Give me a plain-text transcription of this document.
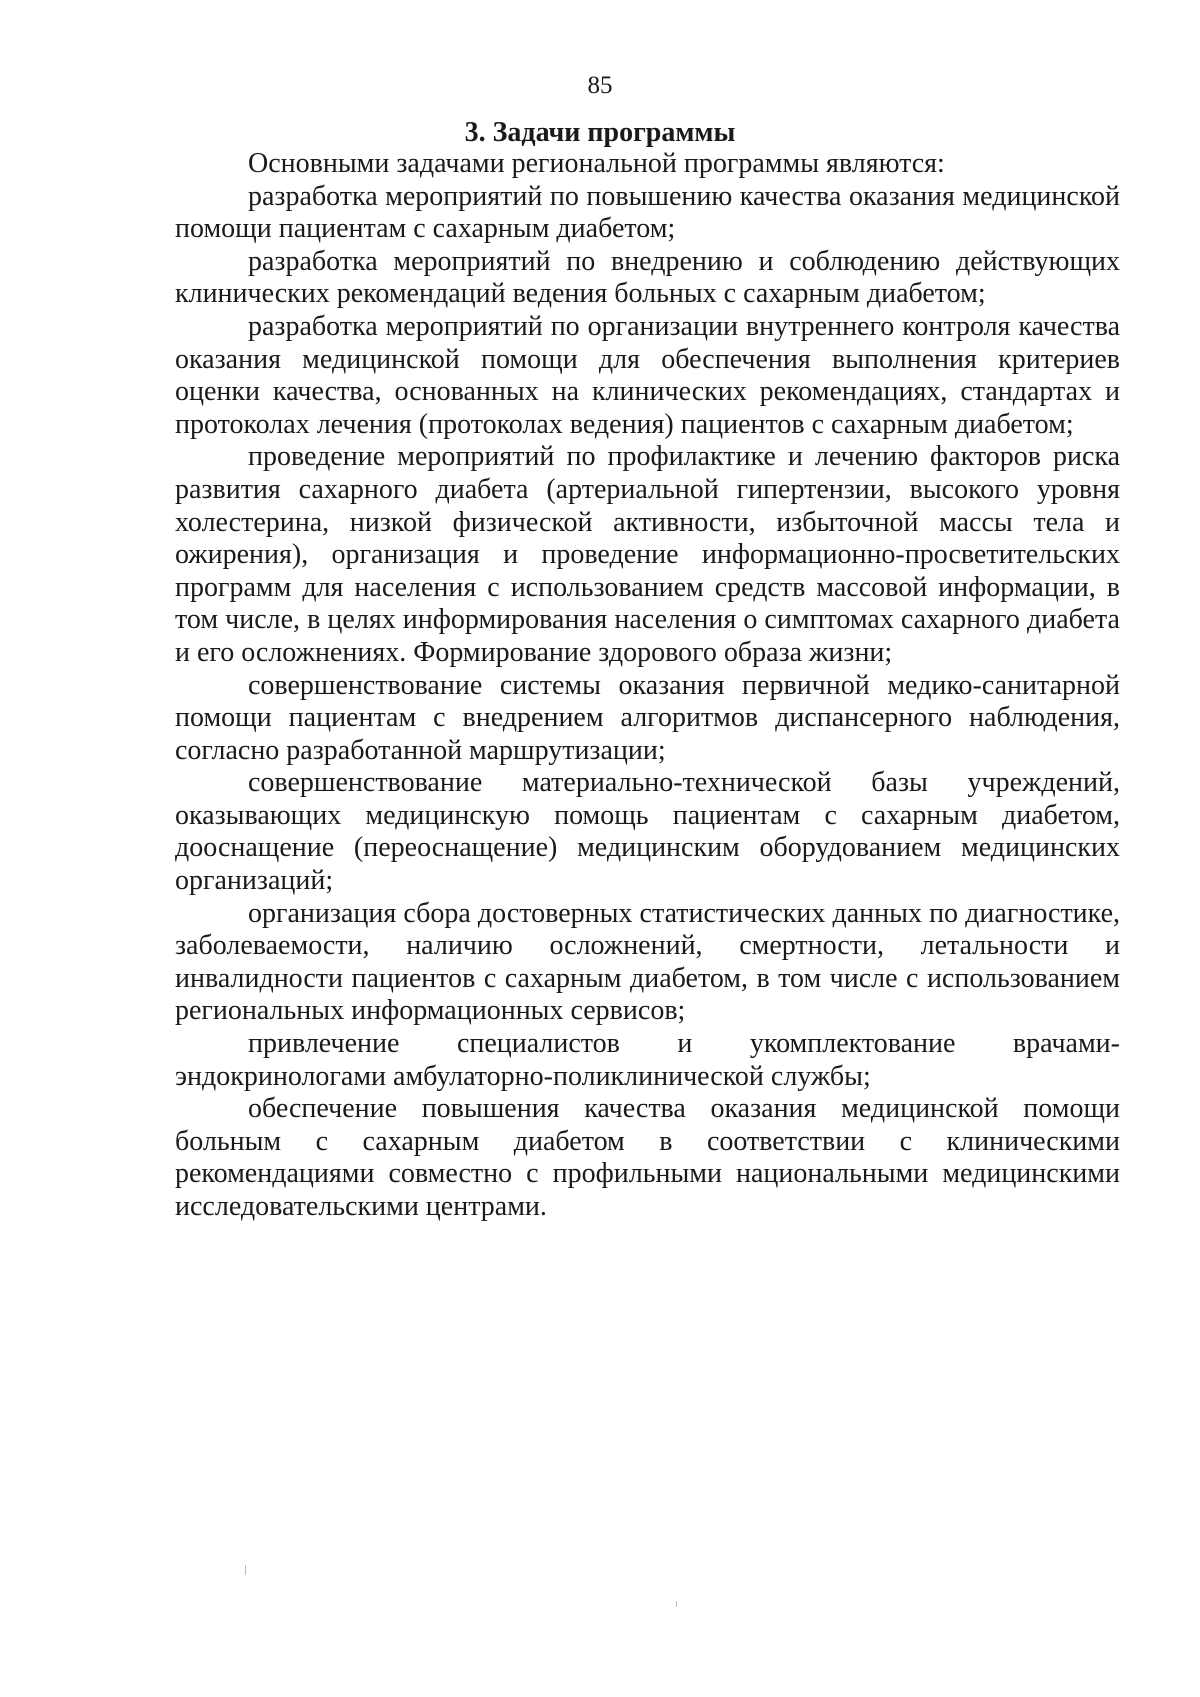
85
3. Задачи программы

Основными задачами региональной программы являются:

разработка мероприятий по повышению качества оказания медицинской помощи пациентам с сахарным диабетом;

разработка мероприятий по внедрению и соблюдению действующих клинических рекомендаций ведения больных с сахарным диабетом;

разработка мероприятий по организации внутреннего контроля качества оказания медицинской помощи для обеспечения выполнения критериев оценки качества, основанных на клинических рекомендациях, стандартах и протоколах лечения (протоколах ведения) пациентов с сахарным диабетом;

проведение мероприятий по профилактике и лечению факторов риска развития сахарного диабета (артериальной гипертензии, высокого уровня холестерина, низкой физической активности, избыточной массы тела и ожирения), организация и проведение информационно-просветительских программ для населения с использованием средств массовой информации, в том числе, в целях информирования населения о симптомах сахарного диабета и его осложнениях. Формирование здорового образа жизни;

совершенствование системы оказания первичной медико-санитарной помощи пациентам с внедрением алгоритмов диспансерного наблюдения, согласно разработанной маршрутизации;

совершенствование материально-технической базы учреждений, оказывающих медицинскую помощь пациентам с сахарным диабетом, дооснащение (переоснащение) медицинским оборудованием медицинских организаций;

организация сбора достоверных статистических данных по диагностике, заболеваемости, наличию осложнений, смертности, летальности и инвалидности пациентов с сахарным диабетом, в том числе с использованием региональных информационных сервисов;

привлечение специалистов и укомплектование врачами-эндокринологами амбулаторно-поликлинической службы;

обеспечение повышения качества оказания медицинской помощи больным с сахарным диабетом в соответствии с клиническими рекомендациями совместно с профильными национальными медицинскими исследовательскими центрами.
